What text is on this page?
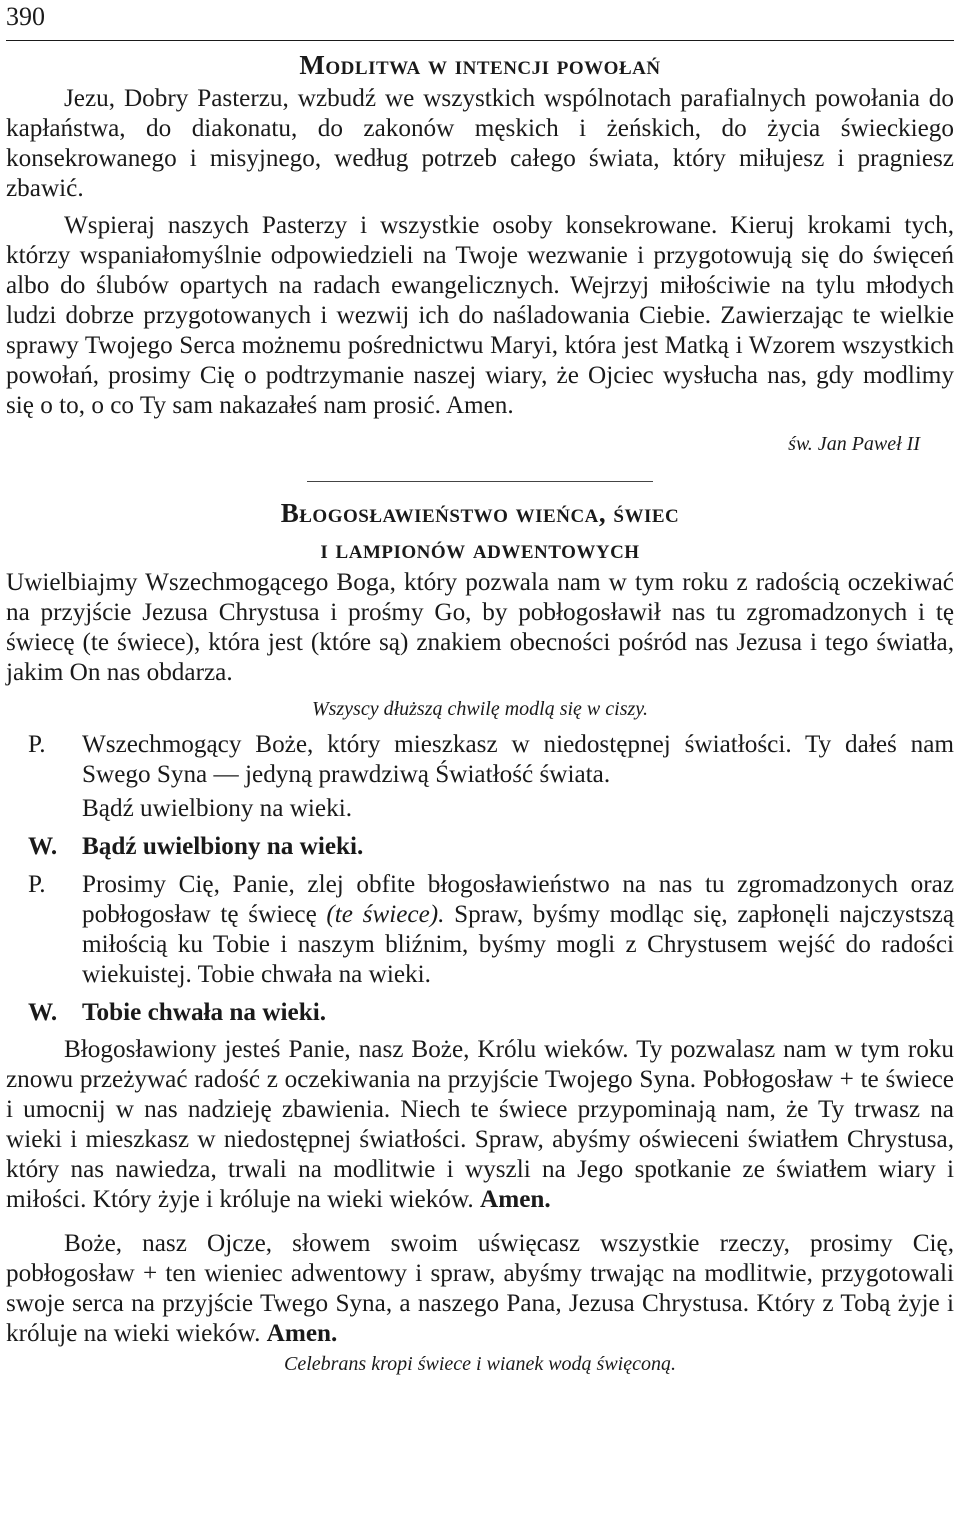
390
Modlitwa w intencji powołań

Jezu, Dobry Pasterzu, wzbudź we wszystkich wspólnotach parafialnych powołania do kapłaństwa, do diakonatu, do zakonów męskich i żeńskich, do życia świeckiego konsekrowanego i misyjnego, według potrzeb całego świata, który miłujesz i pragniesz zbawić.

Wspieraj naszych Pasterzy i wszystkie osoby konsekrowane. Kieruj krokami tych, którzy wspaniałomyślnie odpowiedzieli na Twoje wezwanie i przygotowują się do święceń albo do ślubów opartych na radach ewangelicznych. Wejrzyj miłościwie na tylu młodych ludzi dobrze przygotowanych i wezwij ich do naśladowania Ciebie. Zawierzając te wielkie sprawy Twojego Serca możnemu pośrednictwu Maryi, która jest Matką i Wzorem wszystkich powołań, prosimy Cię o podtrzymanie naszej wiary, że Ojciec wysłucha nas, gdy modlimy się o to, o co Ty sam nakazałeś nam prosić. Amen.

św. Jan Paweł II
Błogosławieństwo wieńca, świec
i lampionów adwentowych

Uwielbiajmy Wszechmogącego Boga, który pozwala nam w tym roku z radością oczekiwać na przyjście Jezusa Chrystusa i prośmy Go, by pobłogosławił nas tu zgromadzonych i tę świecę (te świece), która jest (które są) znakiem obecności pośród nas Jezusa i tego światła, jakim On nas obdarza.

Wszyscy dłuższą chwilę modlą się w ciszy.
P.	Wszechmogący Boże, który mieszkasz w niedostępnej światłości. Ty dałeś nam Swego Syna — jedyną prawdziwą Światłość świata.
Bądź uwielbiony na wieki.
W. Bądź uwielbiony na wieki.
P.	Prosimy Cię, Panie, zlej obfite błogosławieństwo na nas tu zgromadzonych oraz pobłogosław tę świecę (te świece). Spraw, byśmy modląc się, zapłonęli najczystszą miłością ku Tobie i naszym bliźnim, byśmy mogli z Chrystusem wejść do radości wiekuistej. Tobie chwała na wieki.
W. Tobie chwała na wieki.

Błogosławiony jesteś Panie, nasz Boże, Królu wieków. Ty pozwalasz nam w tym roku znowu przeżywać radość z oczekiwania na przyjście Twojego Syna. Pobłogosław + te świece i umocnij w nas nadzieję zbawienia. Niech te świece przypominają nam, że Ty trwasz na wieki i mieszkasz w niedostępnej światłości. Spraw, abyśmy oświeceni światłem Chrystusa, który nas nawiedza, trwali na modlitwie i wyszli na Jego spotkanie ze światłem wiary i miłości. Który żyje i króluje na wieki wieków. Amen.

Boże, nasz Ojcze, słowem swoim uświęcasz wszystkie rzeczy, prosimy Cię, pobłogosław + ten wieniec adwentowy i spraw, abyśmy trwając na modlitwie, przygotowali swoje serca na przyjście Twego Syna, a naszego Pana, Jezusa Chrystusa. Który z Tobą żyje i króluje na wieki wieków. Amen.

Celebrans kropi świece i wianek wodą święconą.
